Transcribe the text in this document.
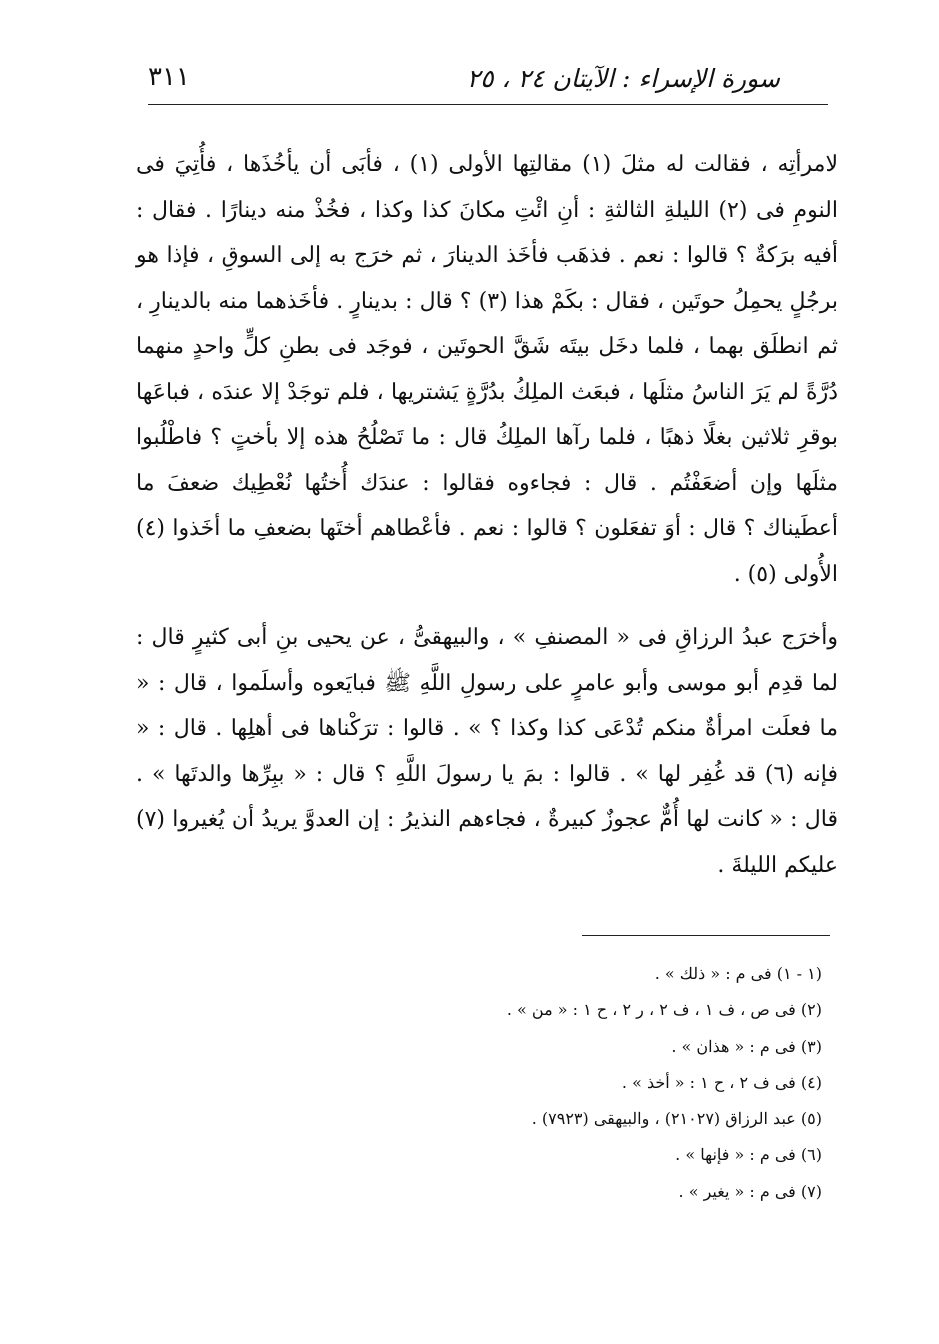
سورة الإسراء : الآيتان ٢٤ ، ٢٥
٣١١

لامرأتِه ، فقالت له مثلَ (١) مقالتِها الأولى (١) ، فأبَى أن يأخُذَها ، فأُتِيَ فى النومِ فى (٢) الليلةِ الثالثةِ : أنِ ائْتِ مكانَ كذا وكذا ، فخُذْ منه دينارًا . فقال : أفيه برَكةٌ ؟ قالوا : نعم . فذهَب فأخَذ الدينارَ ، ثم خرَج به إلى السوقِ ، فإذا هو برجُلٍ يحمِلُ حوتَين ، فقال : بكَمْ هذا (٣) ؟ قال : بدينارٍ . فأخَذهما منه بالدينارِ ، ثم انطلَق بهما ، فلما دخَل بيتَه شَقَّ الحوتَين ، فوجَد فى بطنِ كلٍّ واحدٍ منهما دُرَّةً لم يَرَ الناسُ مثلَها ، فبعَث الملِكُ بدُرَّةٍ يَشتريها ، فلم توجَدْ إلا عندَه ، فباعَها بوقرِ ثلاثين بغلًا ذهبًا ، فلما رآها الملِكُ قال : ما تَصْلُحُ هذه إلا بأختٍ ؟ فاطْلُبوا مثلَها وإن أضعَفْتُم . قال : فجاءوه فقالوا : عندَك أُختُها نُعْطِيك ضعفَ ما أعطَيناك ؟ قال : أوَ تفعَلون ؟ قالوا : نعم . فأعْطاهم أختَها بضعفِ ما أخَذوا (٤) الأُولى (٥) .

وأخرَج عبدُ الرزاقِ فى « المصنفِ » ، والبيهقىُّ ، عن يحيى بنِ أبى كثيرٍ قال : لما قدِم أبو موسى وأبو عامرٍ على رسولِ اللَّهِ ﷺ فبايَعوه وأسلَموا ، قال : « ما فعلَت امرأةٌ منكم تُدْعَى كذا وكذا ؟ » . قالوا : ترَكْناها فى أهلِها . قال : « فإنه (٦) قد غُفِر لها » . قالوا : بمَ يا رسولَ اللَّهِ ؟ قال : « ببِرِّها والدتَها » . قال : « كانت لها أُمٌّ عجوزٌ كبيرةٌ ، فجاءهم النذيرُ : إن العدوَّ يريدُ أن يُغيروا (٧) عليكم الليلةَ .

(١ - ١) فى م : « ذلك » .
(٢) فى ص ، ف ١ ، ف ٢ ، ر ٢ ، ح ١ : « من » .
(٣) فى م : « هذان » .
(٤) فى ف ٢ ، ح ١ : « أخذ » .
(٥) عبد الرزاق (٢١٠٢٧) ، والبيهقى (٧٩٢٣) .
(٦) فى م : « فإنها » .
(٧) فى م : « يغير » .
